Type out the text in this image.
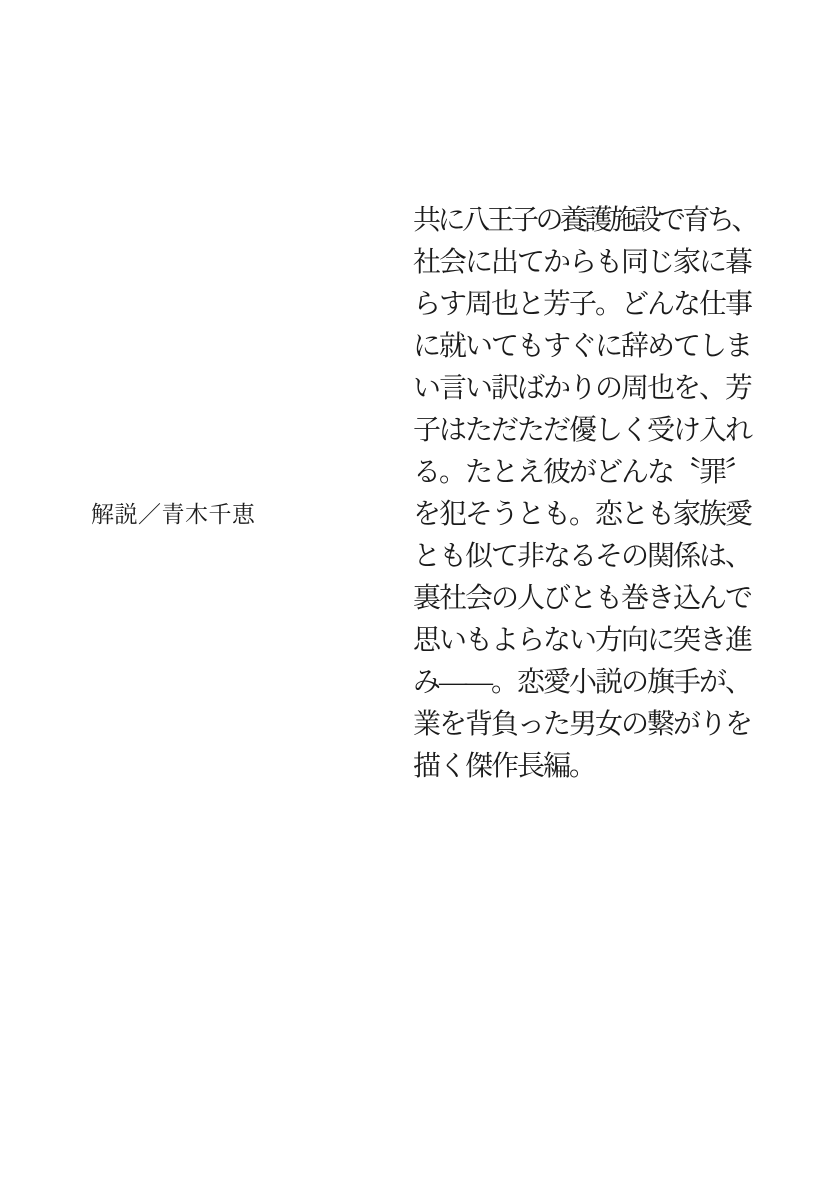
解説／青木千恵
共に八王子の養護施設で育ち、
社会に出てからも同じ家に暮
らす周也と芳子。どんな仕事
に就いてもすぐに辞めてしま
い言い訳ばかりの周也を、芳
子はただただ優しく受け入れ
る。たとえ彼がどんな〝罪〞
を犯そうとも。恋とも家族愛
とも似て非なるその関係は、
裏社会の人びとも巻き込んで
思いもよらない方向に突き進
み――。恋愛小説の旗手が、
業を背負った男女の繋がりを
描く傑作長編。
